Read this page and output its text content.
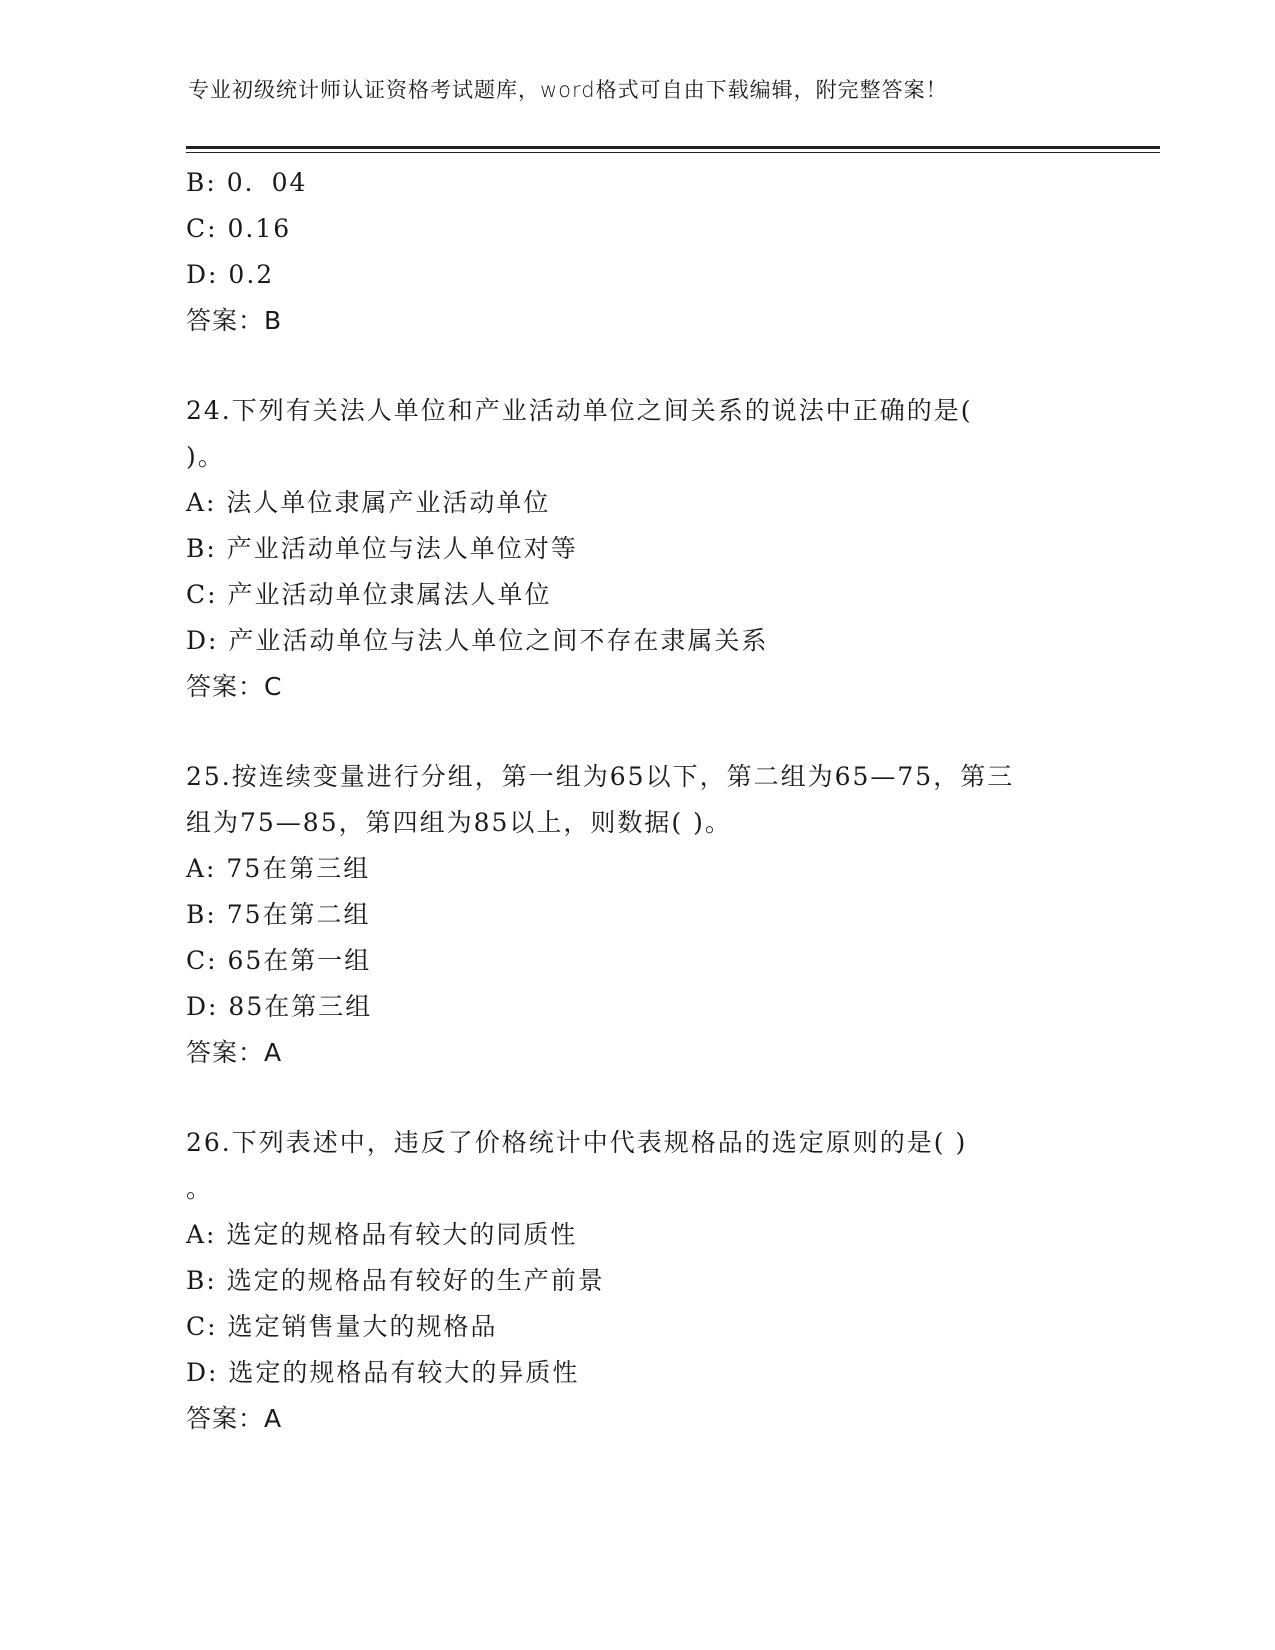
专业初级统计师认证资格考试题库，word格式可自由下载编辑，附完整答案！
B: 0．04
C: 0.16
D: 0.2
答案：B
24.下列有关法人单位和产业活动单位之间关系的说法中正确的是(
)。
A: 法人单位隶属产业活动单位
B: 产业活动单位与法人单位对等
C: 产业活动单位隶属法人单位
D: 产业活动单位与法人单位之间不存在隶属关系
答案：C
25.按连续变量进行分组，第一组为65以下，第二组为65—75，第三
组为75—85，第四组为85以上，则数据( )。
A: 75在第三组
B: 75在第二组
C: 65在第一组
D: 85在第三组
答案：A
26.下列表述中，违反了价格统计中代表规格品的选定原则的是( )
。
A: 选定的规格品有较大的同质性
B: 选定的规格品有较好的生产前景
C: 选定销售量大的规格品
D: 选定的规格品有较大的异质性
答案：A
